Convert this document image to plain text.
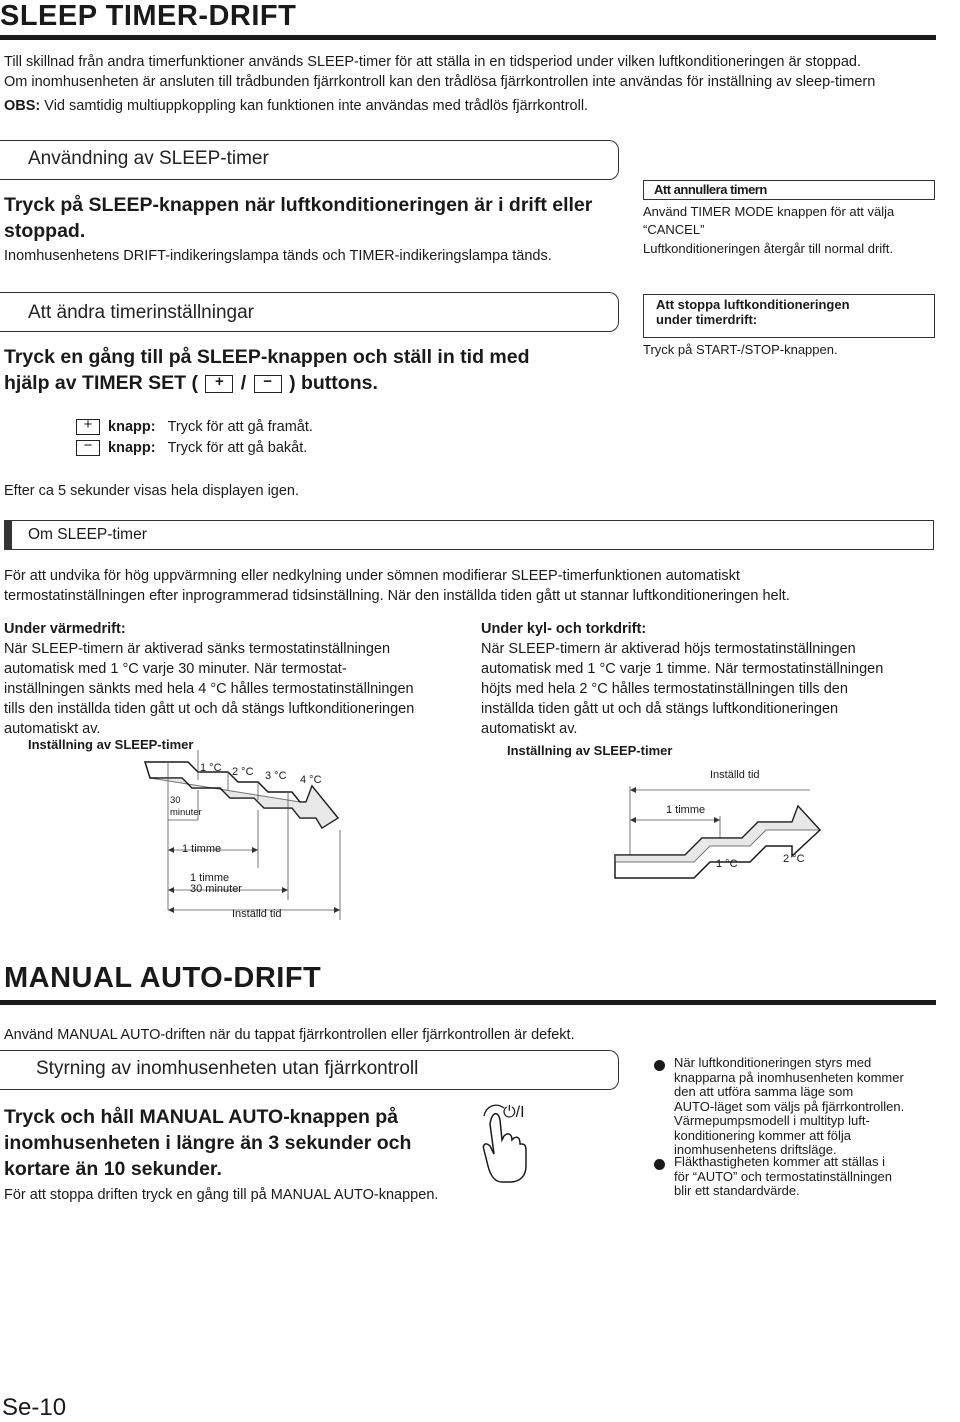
SLEEP TIMER-DRIFT
Till skillnad från andra timerfunktioner används SLEEP-timer för att ställa in en tidsperiod under vilken luftkonditioneringen är stoppad.
Om inomhusenheten är ansluten till trådbunden fjärrkontroll kan den trådlösa fjärrkontrollen inte användas för inställning av sleep-timern
OBS: Vid samtidig multiuppkoppling kan funktionen inte användas med trådlös fjärrkontroll.
Användning av SLEEP-timer
Tryck på SLEEP-knappen när luftkonditioneringen är i drift eller stoppad.
Inomhusenhetens DRIFT-indikeringslampa tänds och TIMER-indikeringslampa tänds.
Att annullera timern
Använd TIMER MODE knappen för att välja “CANCEL”
Luftkonditioneringen återgår till normal drift.
Att ändra timerinställningar
Tryck en gång till på SLEEP-knappen och ställ in tid med
hjälp av TIMER SET (	+ /	− ) buttons.
Att stoppa luftkonditioneringen
under timerdrift:
Tryck på START-/STOP-knappen.
+	knapp: Tryck för att gå framåt.
−	knapp: Tryck för att gå bakåt.
Efter ca 5 sekunder visas hela displayen igen.
Om SLEEP-timer
För att undvika för hög uppvärmning eller nedkylning under sömnen modifierar SLEEP-timerfunktionen automatiskt
termostatinställningen efter inprogrammerad tidsinställning. När den inställda tiden gått ut stannar luftkonditioneringen helt.
Under värmedrift:
När SLEEP-timern är aktiverad sänks termostatinställningen
automatisk med 1 °C varje 30 minuter. När termostat-
inställningen sänkts med hela 4 °C hålles termostatinställningen
tills den inställda tiden gått ut och då stängs luftkonditioneringen
automatiskt av.
Inställning av SLEEP-timer
1 °C 2 °C 3 °C 4 °C
30
minuter
1 timme
1 timme
30 minuter
Inställd tid
Under kyl- och torkdrift:
När SLEEP-timern är aktiverad höjs termostatinställningen
automatisk med 1 °C varje 1 timme. När termostatinställningen
höjts med hela 2 °C hålles termostatinställningen tills den
inställda tiden gått ut och då stängs luftkonditioneringen
automatiskt av.
Inställning av SLEEP-timer
Inställd tid
1 timme
1 °C	2 °C
MANUAL AUTO-DRIFT
Använd MANUAL AUTO-driften när du tappat fjärrkontrollen eller fjärrkontrollen är defekt.
Styrning av inomhusenheten utan fjärrkontroll
Tryck och håll MANUAL AUTO-knappen på
inomhusenheten i längre än 3 sekunder och
kortare än 10 sekunder.
För att stoppa driften tryck en gång till på MANUAL AUTO-knappen.
⏻/I
När luftkonditioneringen styrs med
knapparna på inomhusenheten kommer
den att utföra samma läge som
AUTO-läget som väljs på fjärrkontrollen.
Värmepumpsmodell i multityp luft-
konditionering kommer att följa
inomhusenhetens driftsläge.
Fläkthastigheten kommer att ställas i
för “AUTO” och termostatinställningen
blir ett standardvärde.
Se-10
